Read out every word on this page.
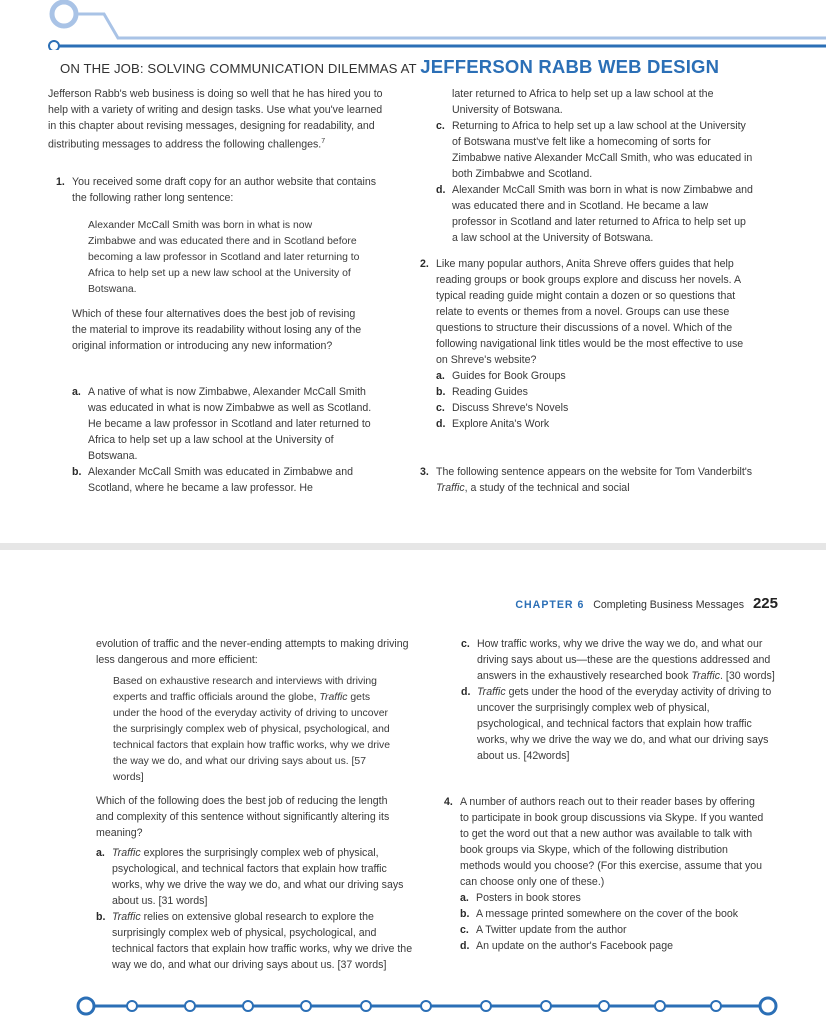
ON THE JOB: SOLVING COMMUNICATION DILEMMAS AT JEFFERSON RABB WEB DESIGN
Jefferson Rabb's web business is doing so well that he has hired you to help with a variety of writing and design tasks. Use what you've learned in this chapter about revising messages, designing for readability, and distributing messages to address the following challenges.$^7$
1. You received some draft copy for an author website that contains the following rather long sentence:
Alexander McCall Smith was born in what is now Zimbabwe and was educated there and in Scotland before becoming a law professor in Scotland and later returning to Africa to help set up a new law school at the University of Botswana.
Which of these four alternatives does the best job of revising the material to improve its readability without losing any of the original information or introducing any new information?
a. A native of what is now Zimbabwe, Alexander McCall Smith was educated in what is now Zimbabwe as well as Scotland. He became a law professor in Scotland and later returned to Africa to help set up a law school at the University of Botswana.
b. Alexander McCall Smith was educated in Zimbabwe and Scotland, where he became a law professor. He
later returned to Africa to help set up a law school at the University of Botswana.
c. Returning to Africa to help set up a law school at the University of Botswana must've felt like a homecoming of sorts for Zimbabwe native Alexander McCall Smith, who was educated in both Zimbabwe and Scotland.
d. Alexander McCall Smith was born in what is now Zimbabwe and was educated there and in Scotland. He became a law professor in Scotland and later returned to Africa to help set up a law school at the University of Botswana.
2. Like many popular authors, Anita Shreve offers guides that help reading groups or book groups explore and discuss her novels. A typical reading guide might contain a dozen or so questions that relate to events or themes from a novel. Groups can use these questions to structure their discussions of a novel. Which of the following navigational link titles would be the most effective to use on Shreve's website?
a. Guides for Book Groups
b. Reading Guides
c. Discuss Shreve's Novels
d. Explore Anita's Work
3. The following sentence appears on the website for Tom Vanderbilt's Traffic, a study of the technical and social
CHAPTER 6 Completing Business Messages 225
evolution of traffic and the never-ending attempts to making driving less dangerous and more efficient:
Based on exhaustive research and interviews with driving experts and traffic officials around the globe, Traffic gets under the hood of the everyday activity of driving to uncover the surprisingly complex web of physical, psychological, and technical factors that explain how traffic works, why we drive the way we do, and what our driving says about us. [57 words]
Which of the following does the best job of reducing the length and complexity of this sentence without significantly altering its meaning?
a. Traffic explores the surprisingly complex web of physical, psychological, and technical factors that explain how traffic works, why we drive the way we do, and what our driving says about us. [31 words]
b. Traffic relies on extensive global research to explore the surprisingly complex web of physical, psychological, and technical factors that explain how traffic works, why we drive the way we do, and what our driving says about us. [37 words]
c. How traffic works, why we drive the way we do, and what our driving says about us—these are the questions addressed and answers in the exhaustively researched book Traffic. [30 words]
d. Traffic gets under the hood of the everyday activity of driving to uncover the surprisingly complex web of physical, psychological, and technical factors that explain how traffic works, why we drive the way we do, and what our driving says about us. [42words]
4. A number of authors reach out to their reader bases by offering to participate in book group discussions via Skype. If you wanted to get the word out that a new author was available to talk with book groups via Skype, which of the following distribution methods would you choose? (For this exercise, assume that you can choose only one of these.)
a. Posters in book stores
b. A message printed somewhere on the cover of the book
c. A Twitter update from the author
d. An update on the author's Facebook page
